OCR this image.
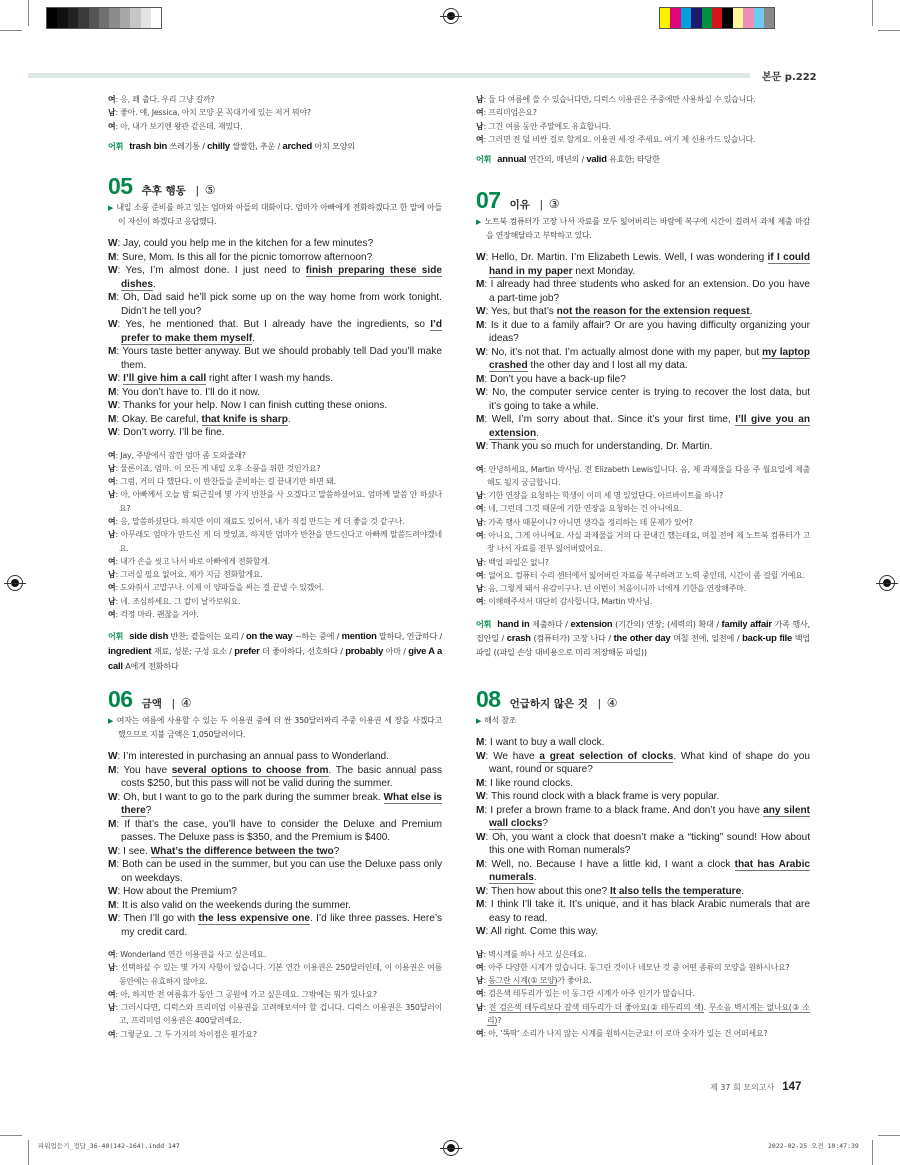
본문 p.222
여: 응, 꽤 춥다. 우리 그냥 갈까?
남: 좋아. 얘, Jessica, 아치 모양 문 꼭대기에 있는 저거 뭐야?
여: 아, 내가 보기엔 왕관 같은데. 재밌다.
어휘 trash bin 쓰레기통 / chilly 쌀쌀한, 추운 / arched 아치 모양의
05 추후 행동 | ⑤
▶ 내일 소풍 준비를 하고 있는 엄마와 아들의 대화이다. 엄마가 아빠에게 전화하겠다고 한 말에 아들이 자신이 하겠다고 응답했다.
W: Jay, could you help me in the kitchen for a few minutes?
M: Sure, Mom. Is this all for the picnic tomorrow afternoon?
W: Yes, I’m almost done. I just need to finish preparing these side dishes.
M: Oh, Dad said he’ll pick some up on the way home from work tonight. Didn’t he tell you?
W: Yes, he mentioned that. But I already have the ingredients, so I’d prefer to make them myself.
M: Yours taste better anyway. But we should probably tell Dad you’ll make them.
W: I’ll give him a call right after I wash my hands.
M: You don’t have to. I’ll do it now.
W: Thanks for your help. Now I can finish cutting these onions.
M: Okay. Be careful, that knife is sharp.
W: Don’t worry. I’ll be fine.
여: Jay, 주방에서 잠깐 엄마 좀 도와줄래?
남: 물론이죠, 엄마. 이 모든 게 내일 오후 소풍을 위한 것인가요?
여: 그럼, 거의 다 했단다. 이 반찬들을 준비하는 걸 끝내기만 하면 돼.
남: 아, 아빠께서 오늘 밤 퇴근길에 몇 가지 반찬을 사 오겠다고 말씀하셨어요. 엄마께 말씀 안 하셨나요?
여: 응, 말씀하셨단다. 하지만 이미 재료도 있어서, 내가 직접 만드는 게 더 좋을 것 같구나.
남: 아무래도 엄마가 만드신 게 더 맛있죠. 하지만 엄마가 반찬을 만드신다고 아빠께 말씀드려야겠네요.
여: 내가 손을 씻고 나서 바로 아빠에게 전화할게.
남: 그러실 필요 없어요. 제가 지금 전화할게요.
여: 도와줘서 고맙구나. 이제 이 양파들을 써는 걸 끝낼 수 있겠어.
남: 네. 조심하세요. 그 칼이 날카로워요.
여: 걱정 마라. 괜찮을 거야.
어휘 side dish 반찬; 곁들이는 요리 / on the way ~하는 중에 / mention 말하다, 언급하다 / ingredient 재료, 성분; 구성 요소 / prefer 더 좋아하다, 선호하다 / probably 아마 / give A a call A에게 전화하다
06 금액 | ④
▶ 여자는 여름에 사용할 수 있는 두 이용권 중에 더 싼 350달러짜리 주중 이용권 세 장을 사겠다고 했으므로 지불 금액은 1,050달러이다.
W: I’m interested in purchasing an annual pass to Wonderland.
M: You have several options to choose from. The basic annual pass costs $250, but this pass will not be valid during the summer.
W: Oh, but I want to go to the park during the summer break. What else is there?
M: If that’s the case, you’ll have to consider the Deluxe and Premium passes. The Deluxe pass is $350, and the Premium is $400.
W: I see. What’s the difference between the two?
M: Both can be used in the summer, but you can use the Deluxe pass only on weekdays.
W: How about the Premium?
M: It is also valid on the weekends during the summer.
W: Then I’ll go with the less expensive one. I’d like three passes. Here’s my credit card.
여: Wonderland 연간 이용권을 사고 싶은데요.
남: 선택하실 수 있는 몇 가지 사항이 있습니다. 기본 연간 이용권은 250달러인데, 이 이용권은 여름 동안에는 유효하지 않아요.
여: 아, 하지만 전 여름휴가 동안 그 공원에 가고 싶은데요. 그밖에는 뭐가 있나요?
남: 그러시다면, 디럭스와 프리미엄 이용권을 고려해보셔야 할 겁니다. 디럭스 이용권은 350달러이고, 프리미엄 이용권은 400달러예요.
여: 그렇군요. 그 두 가지의 차이점은 뭔가요?
남: 둘 다 여름에 쓸 수 있습니다만, 디럭스 이용권은 주중에만 사용하실 수 있습니다.
여: 프리미엄은요?
남: 그건 여름 동안 주말에도 유효합니다.
여: 그러면 전 덜 비싼 걸로 할게요. 이용권 세 장 주세요. 여기 제 신용카드 있습니다.
어휘 annual 연간의, 매년의 / valid 유효한; 타당한
07 이유 | ③
▶ 노트북 컴퓨터가 고장 나서 자료를 모두 잃어버리는 바람에 복구에 시간이 걸려서 과제 제출 마감을 연장해달라고 부탁하고 있다.
W: Hello, Dr. Martin. I’m Elizabeth Lewis. Well, I was wondering if I could hand in my paper next Monday.
M: I already had three students who asked for an extension. Do you have a part-time job?
W: Yes, but that’s not the reason for the extension request.
M: Is it due to a family affair? Or are you having difficulty organizing your ideas?
W: No, it’s not that. I’m actually almost done with my paper, but my laptop crashed the other day and I lost all my data.
M: Don’t you have a back-up file?
W: No, the computer service center is trying to recover the lost data, but it’s going to take a while.
M: Well, I’m sorry about that. Since it’s your first time, I’ll give you an extension.
W: Thank you so much for understanding, Dr. Martin.
여: 안녕하세요, Martin 박사님. 전 Elizabeth Lewis입니다. 음, 제 과제물을 다음 주 월요일에 제출해도 될지 궁금합니다.
남: 기한 연장을 요청하는 학생이 이미 세 명 있었단다. 아르바이트를 하니?
여: 네, 그런데 그것 때문에 기한 연장을 요청하는 건 아니에요.
남: 가족 행사 때문이니? 아니면 생각을 정리하는 데 문제가 있어?
여: 아니요, 그게 아니에요. 사실 과제물을 거의 다 끝내긴 했는데요, 며칠 전에 제 노트북 컴퓨터가 고장 나서 자료를 전부 잃어버렸어요.
남: 백업 파일은 없니?
여: 없어요. 컴퓨터 수리 센터에서 잃어버린 자료를 복구하려고 노력 중인데, 시간이 좀 걸릴 거예요.
남: 음, 그렇게 돼서 유감이구나. 넌 이번이 처음이니까 너에게 기한을 연장해주마.
여: 이해해주셔서 대단히 감사합니다, Martin 박사님.
어휘 hand in 제출하다 / extension (기간의) 연장; (세력의) 확대 / family affair 가족 행사, 집안일 / crash (컴퓨터가) 고장 나다 / the other day 며칠 전에, 일전에 / back-up file 백업 파일 ((파일 손상 대비용으로 미리 저장해둔 파일))
08 언급하지 않은 것 | ④
▶ 해석 참조
M: I want to buy a wall clock.
W: We have a great selection of clocks. What kind of shape do you want, round or square?
M: I like round clocks.
W: This round clock with a black frame is very popular.
M: I prefer a brown frame to a black frame. And don’t you have any silent wall clocks?
W: Oh, you want a clock that doesn’t make a “ticking” sound! How about this one with Roman numerals?
M: Well, no. Because I have a little kid, I want a clock that has Arabic numerals.
W: Then how about this one? It also tells the temperature.
M: I think I’ll take it. It’s unique, and it has black Arabic numerals that are easy to read.
W: All right. Come this way.
남: 벽시계를 하나 사고 싶은데요.
여: 아주 다양한 시계가 있습니다. 동그란 것이나 네모난 것 중 어떤 종류의 모양을 원하시나요?
남: 동그란 시계(① 모양)가 좋아요.
여: 검은색 테두리가 있는 이 동그란 시계가 아주 인기가 많습니다.
남: 전 검은색 테두리보다 갈색 테두리가 더 좋아요(② 테두리의 색). 무소음 벽시계는 없나요(③ 소리)?
여: 아, ‘똑딱’ 소리가 나지 않는 시계를 원하시는군요! 이 로마 숫자가 있는 건 어떠세요?
제 37 회 모의고사 147
파워업듣기_정답_36-40(142-164).indd 147	2022-02-25 오전 10:47:39
